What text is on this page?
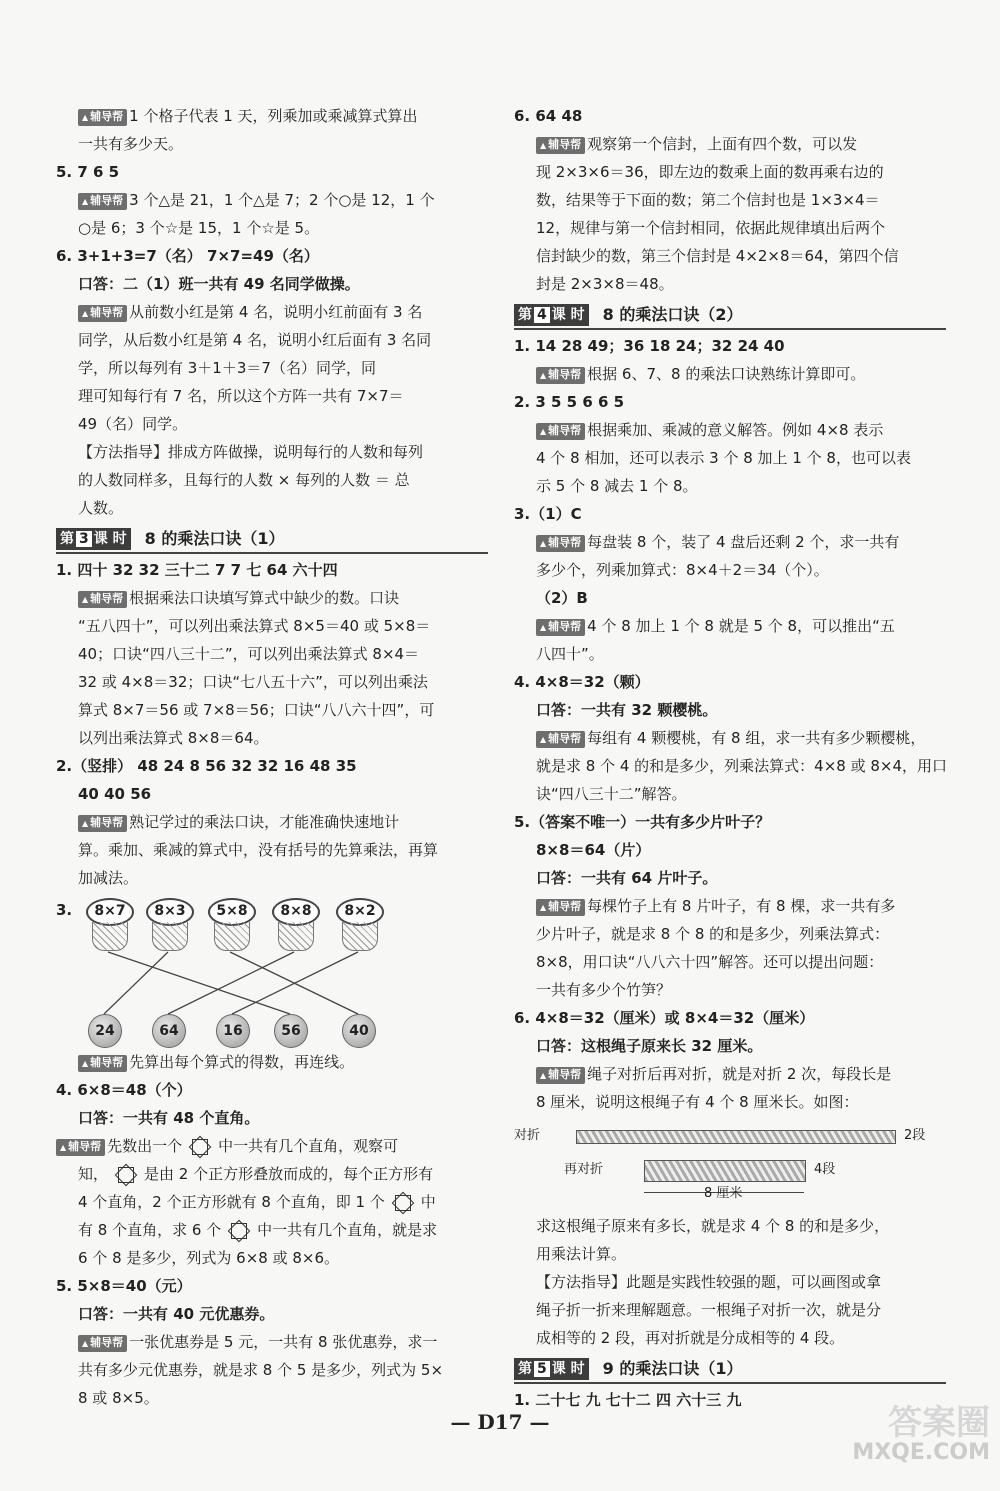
▲ 辅导帮 1 个格子代表 1 天，列乘加或乘减算式算出
一共有多少天。
5. 7 6 5
▲ 辅导帮 3 个△是 21，1 个△是 7；2 个○是 12，1 个
○是 6；3 个☆是 15，1 个☆是 5。
6. 3+1+3=7（名） 7×7=49（名）
口答：二（1）班一共有 49 名同学做操。
▲ 辅导帮 从前数小红是第 4 名，说明小红前面有 3 名
同学，从后数小红是第 4 名，说明小红后面有 3 名同
学，所以每列有 3＋1＋3＝7（名）同学，同
理可知每行有 7 名，所以这个方阵一共有 7×7＝
49（名）同学。
【方法指导】排成方阵做操，说明每行的人数和每列
的人数同样多，且每行的人数 × 每列的人数 ＝ 总
人数。
第 3 课 时 8 的乘法口诀（1）
1. 四十 32 32 三十二 7 7 七 64 六十四
▲ 辅导帮 根据乘法口诀填写算式中缺少的数。口诀
“五八四十”，可以列出乘法算式 8×5＝40 或 5×8＝
40；口诀“四八三十二”，可以列出乘法算式 8×4＝
32 或 4×8＝32；口诀“七八五十六”，可以列出乘法
算式 8×7＝56 或 7×8＝56；口诀“八八六十四”，可
以列出乘法算式 8×8＝64。
2.（竖排） 48 24 8 56 32 32 16 48 35
40 40 56
▲ 辅导帮 熟记学过的乘法口诀，才能准确快速地计
算。乘加、乘减的算式中，没有括号的先算乘法，再算
加减法。
3.	8×7	8×3	5×8	8×8	8×2
24	64	16	56	40
▲ 辅导帮 先算出每个算式的得数，再连线。
4. 6×8＝48（个）
口答：一共有 48 个直角。
▲ 辅导帮 先数出一个 中一共有几个直角，观察可
知， 是由 2 个正方形叠放而成的，每个正方形有
4 个直角，2 个正方形就有 8 个直角，即 1 个 中
有 8 个直角，求 6 个 中一共有几个直角，就是求
6 个 8 是多少，列式为 6×8 或 8×6。
5. 5×8＝40（元）
口答：一共有 40 元优惠券。
▲ 辅导帮 一张优惠券是 5 元，一共有 8 张优惠券，求一
共有多少元优惠券，就是求 8 个 5 是多少，列式为 5×
8 或 8×5。
6. 64 48
▲ 辅导帮 观察第一个信封，上面有四个数，可以发
现 2×3×6＝36，即左边的数乘上面的数再乘右边的
数，结果等于下面的数；第二个信封也是 1×3×4＝
12，规律与第一个信封相同，依据此规律填出后两个
信封缺少的数，第三个信封是 4×2×8＝64，第四个信
封是 2×3×8＝48。
第 4 课 时 8 的乘法口诀（2）
1. 14 28 49；36 18 24；32 24 40
▲ 辅导帮 根据 6、7、8 的乘法口诀熟练计算即可。
2. 3 5 5 6 6 5
▲ 辅导帮 根据乘加、乘减的意义解答。例如 4×8 表示
4 个 8 相加，还可以表示 3 个 8 加上 1 个 8，也可以表
示 5 个 8 减去 1 个 8。
3.（1）C
▲ 辅导帮 每盘装 8 个，装了 4 盘后还剩 2 个，求一共有
多少个，列乘加算式：8×4＋2＝34（个）。
（2）B
▲ 辅导帮 4 个 8 加上 1 个 8 就是 5 个 8，可以推出“五
八四十”。
4. 4×8＝32（颗）
口答：一共有 32 颗樱桃。
▲ 辅导帮 每组有 4 颗樱桃，有 8 组，求一共有多少颗樱桃，
就是求 8 个 4 的和是多少，列乘法算式：4×8 或 8×4，用口
诀“四八三十二”解答。
5.（答案不唯一）一共有多少片叶子？
8×8＝64（片）
口答：一共有 64 片叶子。
▲ 辅导帮 每棵竹子上有 8 片叶子，有 8 棵，求一共有多
少片叶子，就是求 8 个 8 的和是多少，列乘法算式：
8×8，用口诀“八八六十四”解答。还可以提出问题：
一共有多少个竹笋？
6. 4×8＝32（厘米）或 8×4＝32（厘米）
口答：这根绳子原来长 32 厘米。
▲ 辅导帮 绳子对折后再对折，就是对折 2 次，每段长是
8 厘米，说明这根绳子有 4 个 8 厘米长。如图：
对折	2段
再对折	4段
8 厘米
求这根绳子原来有多长，就是求 4 个 8 的和是多少，
用乘法计算。
【方法指导】此题是实践性较强的题，可以画图或拿
绳子折一折来理解题意。一根绳子对折一次，就是分
成相等的 2 段，再对折就是分成相等的 4 段。
第 5 课 时 9 的乘法口诀（1）
1. 二十七 九 七十二 四 六十三 九
— D17 —	答案圈
MXQE.COM
